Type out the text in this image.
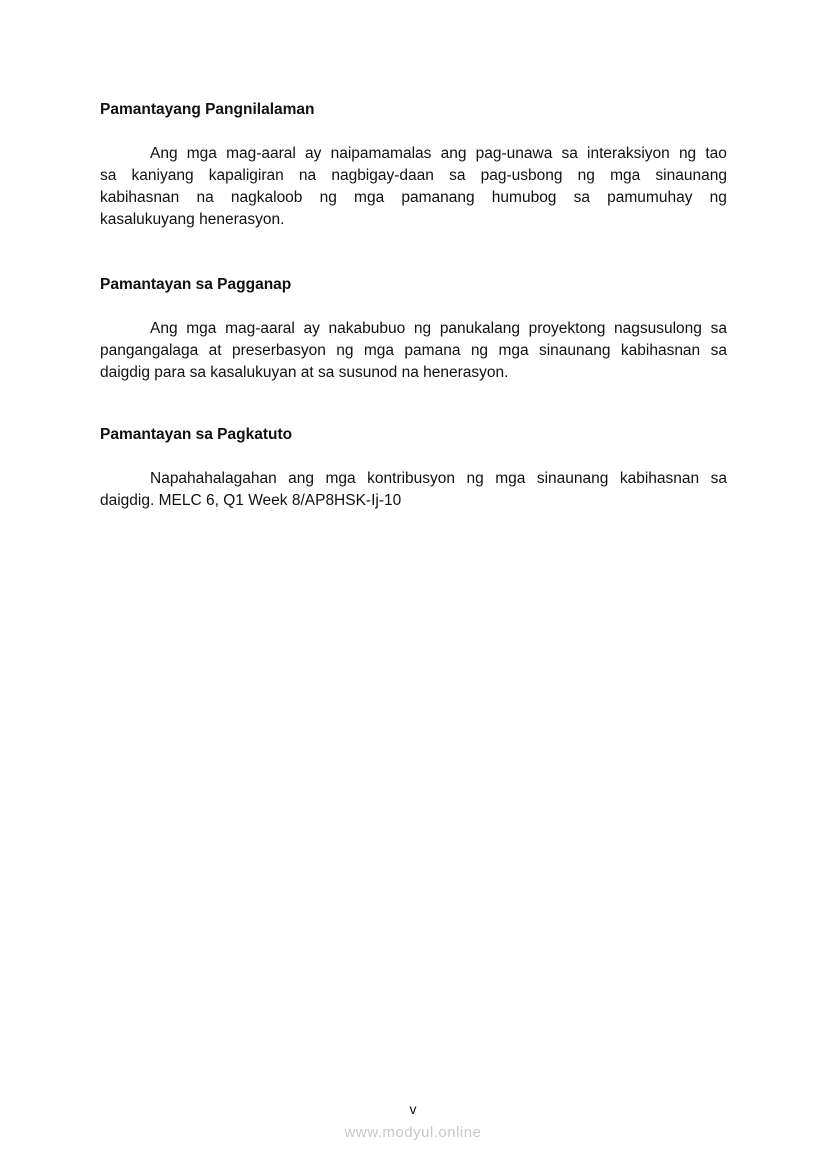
Pamantayang Pangnilalaman
Ang mga mag-aaral ay naipamamalas ang pag-unawa sa interaksiyon ng tao
sa kaniyang kapaligiran na nagbigay-daan sa pag-usbong ng mga sinaunang
kabihasnan na nagkaloob ng mga pamanang humubog sa pamumuhay ng
kasalukuyang henerasyon.
Pamantayan sa Pagganap
Ang mga mag-aaral ay nakabubuo ng panukalang proyektong nagsusulong sa
pangangalaga at preserbasyon ng mga pamana ng mga sinaunang kabihasnan sa
daigdig para sa kasalukuyan at sa susunod na henerasyon.
Pamantayan sa Pagkatuto
Napahahalagahan ang mga kontribusyon ng mga sinaunang kabihasnan sa
daigdig. MELC 6, Q1 Week 8/AP8HSK-Ij-10
v
www.modyul.online
